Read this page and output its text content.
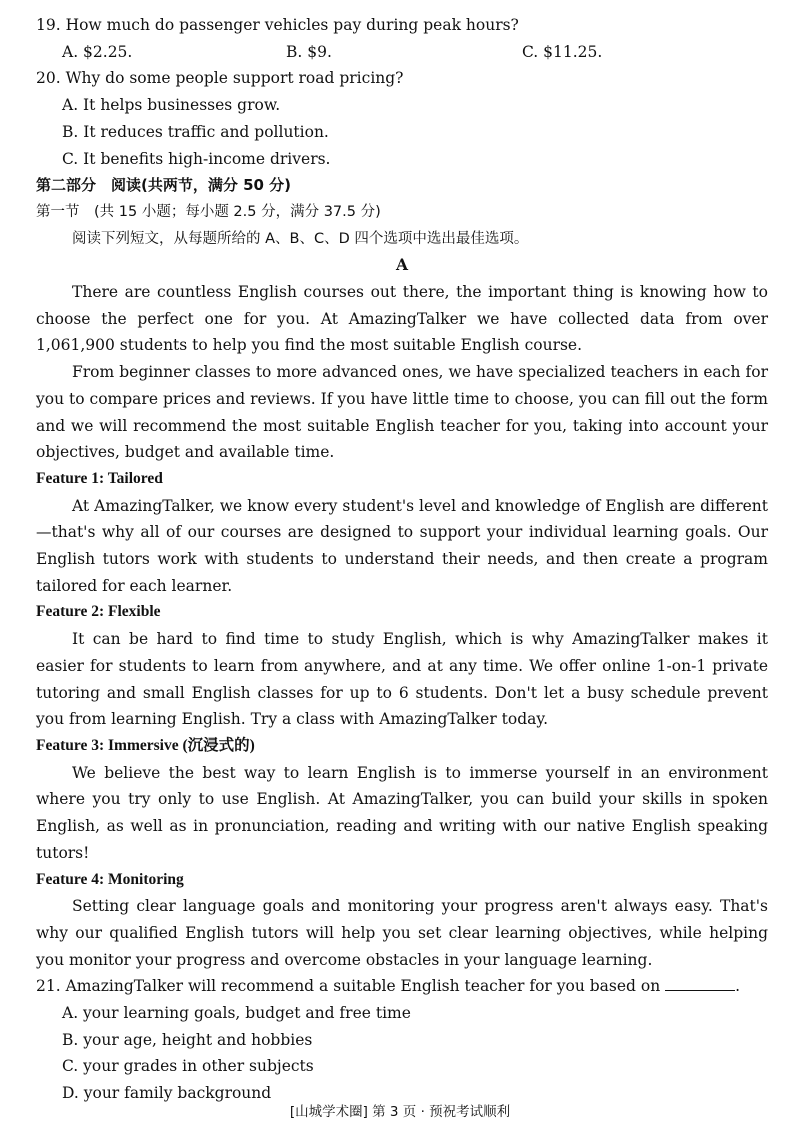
19. How much do passenger vehicles pay during peak hours?
A. $2.25.	B. $9.	C. $11.25.
20. Why do some people support road pricing?
A. It helps businesses grow.
B. It reduces traffic and pollution.
C. It benefits high-income drivers.
第二部分　阅读(共两节，满分 50 分)
第一节　(共 15 小题；每小题 2.5 分，满分 37.5 分)
阅读下列短文，从每题所给的 A、B、C、D 四个选项中选出最佳选项。
A
There are countless English courses out there, the important thing is knowing how to choose the perfect one for you. At AmazingTalker we have collected data from over 1,061,900 students to help you find the most suitable English course.
From beginner classes to more advanced ones, we have specialized teachers in each for you to compare prices and reviews. If you have little time to choose, you can fill out the form and we will recommend the most suitable English teacher for you, taking into account your objectives, budget and available time.
Feature 1: Tailored
At AmazingTalker, we know every student's level and knowledge of English are different—that's why all of our courses are designed to support your individual learning goals. Our English tutors work with students to understand their needs, and then create a program tailored for each learner.
Feature 2: Flexible
It can be hard to find time to study English, which is why AmazingTalker makes it easier for students to learn from anywhere, and at any time. We offer online 1-on-1 private tutoring and small English classes for up to 6 students. Don't let a busy schedule prevent you from learning English. Try a class with AmazingTalker today.
Feature 3: Immersive (沉浸式的)
We believe the best way to learn English is to immerse yourself in an environment where you try only to use English. At AmazingTalker, you can build your skills in spoken English, as well as in pronunciation, reading and writing with our native English speaking tutors!
Feature 4: Monitoring
Setting clear language goals and monitoring your progress aren't always easy. That's why our qualified English tutors will help you set clear learning objectives, while helping you monitor your progress and overcome obstacles in your language learning.
21. AmazingTalker will recommend a suitable English teacher for you based on	.
A. your learning goals, budget and free time
B. your age, height and hobbies
C. your grades in other subjects
D. your family background
[山城学术圈] 第 3 页 · 预祝考试顺利
